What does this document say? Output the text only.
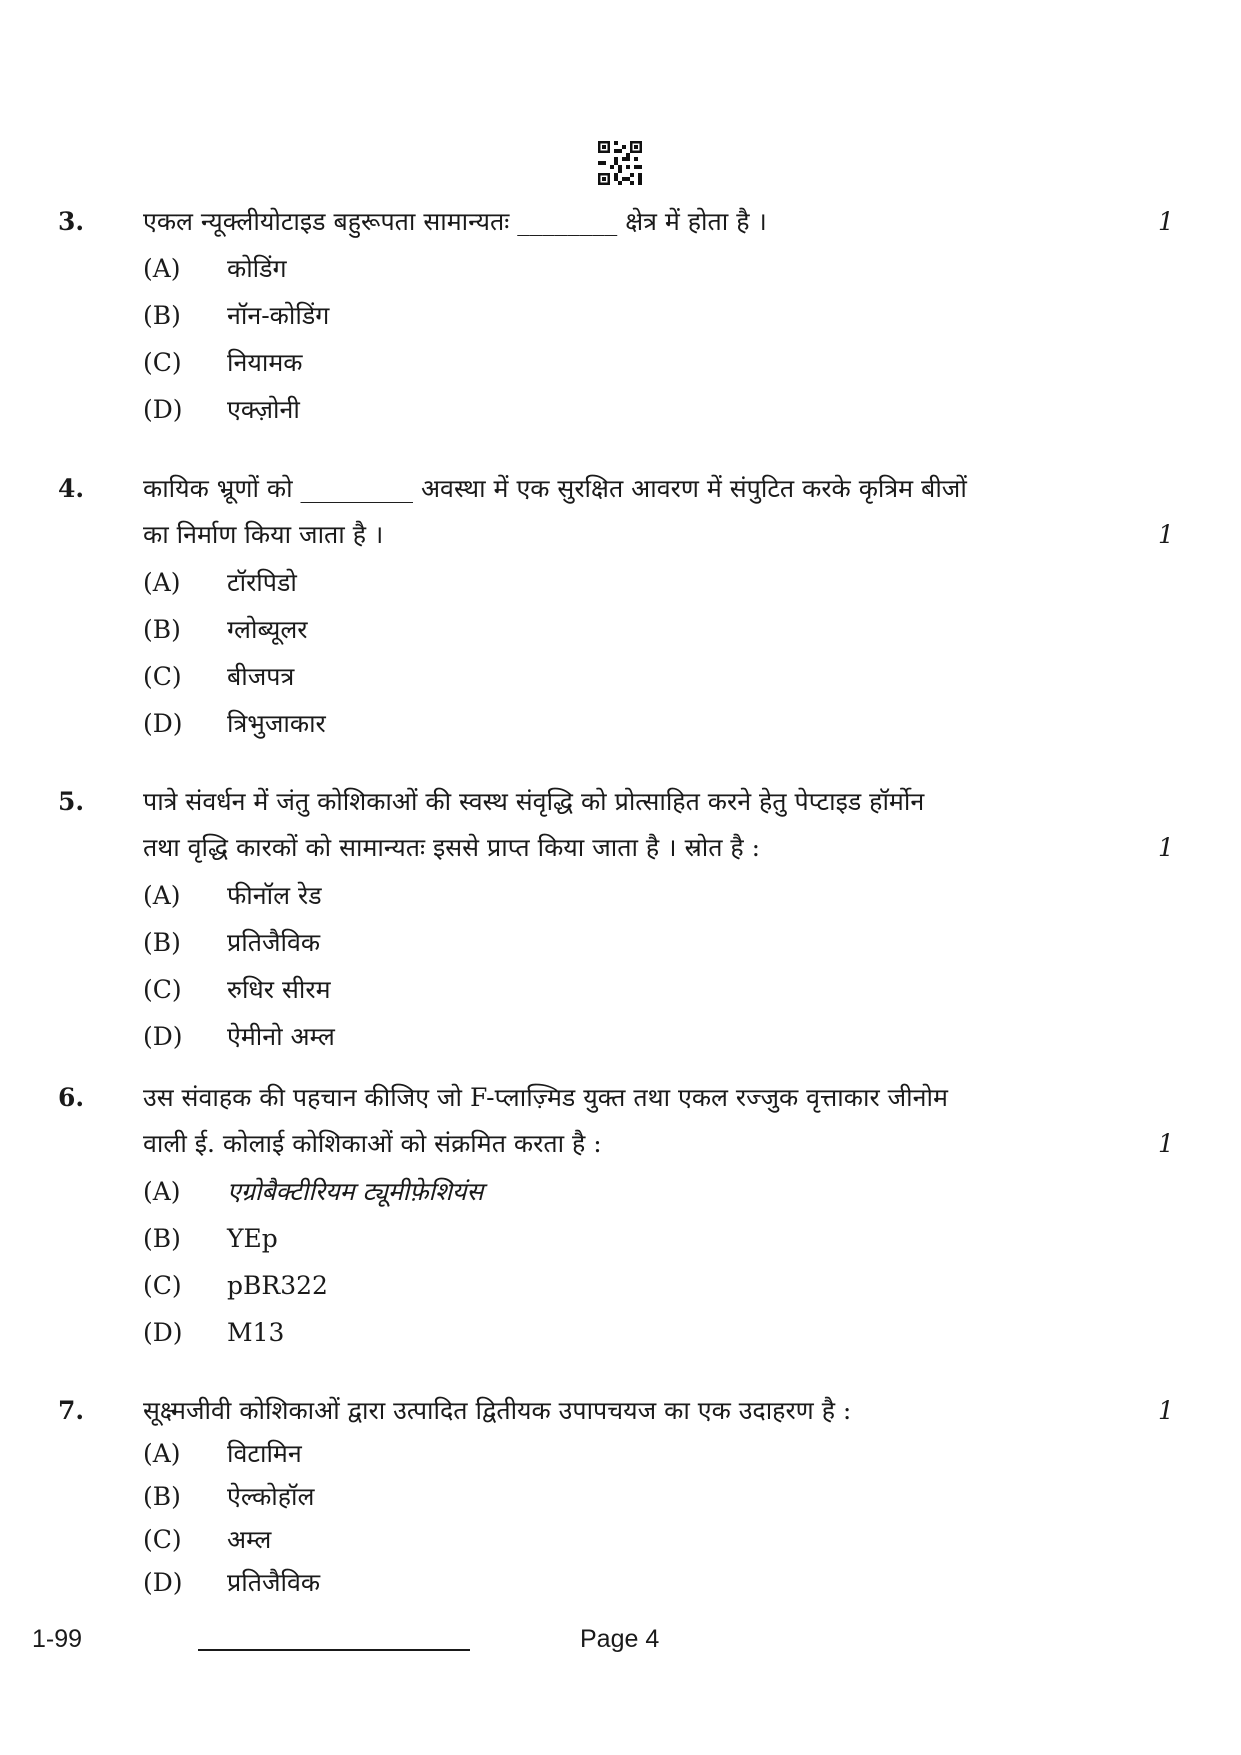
3. एकल न्यूक्लीयोटाइड बहुरूपता सामान्यतः ________ क्षेत्र में होता है ।	1
(A) कोडिंग
(B) नॉन-कोडिंग
(C) नियामक
(D) एक्ज़ोनी
4. कायिक भ्रूणों को _________ अवस्था में एक सुरक्षित आवरण में संपुटित करके कृत्रिम बीजों
का निर्माण किया जाता है ।	1
(A) टॉरपिडो
(B) ग्लोब्यूलर
(C) बीजपत्र
(D) त्रिभुजाकार
5. पात्रे संवर्धन में जंतु कोशिकाओं की स्वस्थ संवृद्धि को प्रोत्साहित करने हेतु पेप्टाइड हॉर्मोन
तथा वृद्धि कारकों को सामान्यतः इससे प्राप्त किया जाता है । स्रोत है :	1
(A) फीनॉल रेड
(B) प्रतिजैविक
(C) रुधिर सीरम
(D) ऐमीनो अम्ल
6. उस संवाहक की पहचान कीजिए जो F-प्लाज़्मिड युक्त तथा एकल रज्जुक वृत्ताकार जीनोम
वाली ई. कोलाई कोशिकाओं को संक्रमित करता है :	1
(A) एग्रोबैक्टीरियम ट्यूमीफ़ेशियंस
(B) YEp
(C) pBR322
(D) M13
7. सूक्ष्मजीवी कोशिकाओं द्वारा उत्पादित द्वितीयक उपापचयज का एक उदाहरण है :	1
(A) विटामिन
(B) ऐल्कोहॉल
(C) अम्ल
(D) प्रतिजैविक
1-99	Page 4
